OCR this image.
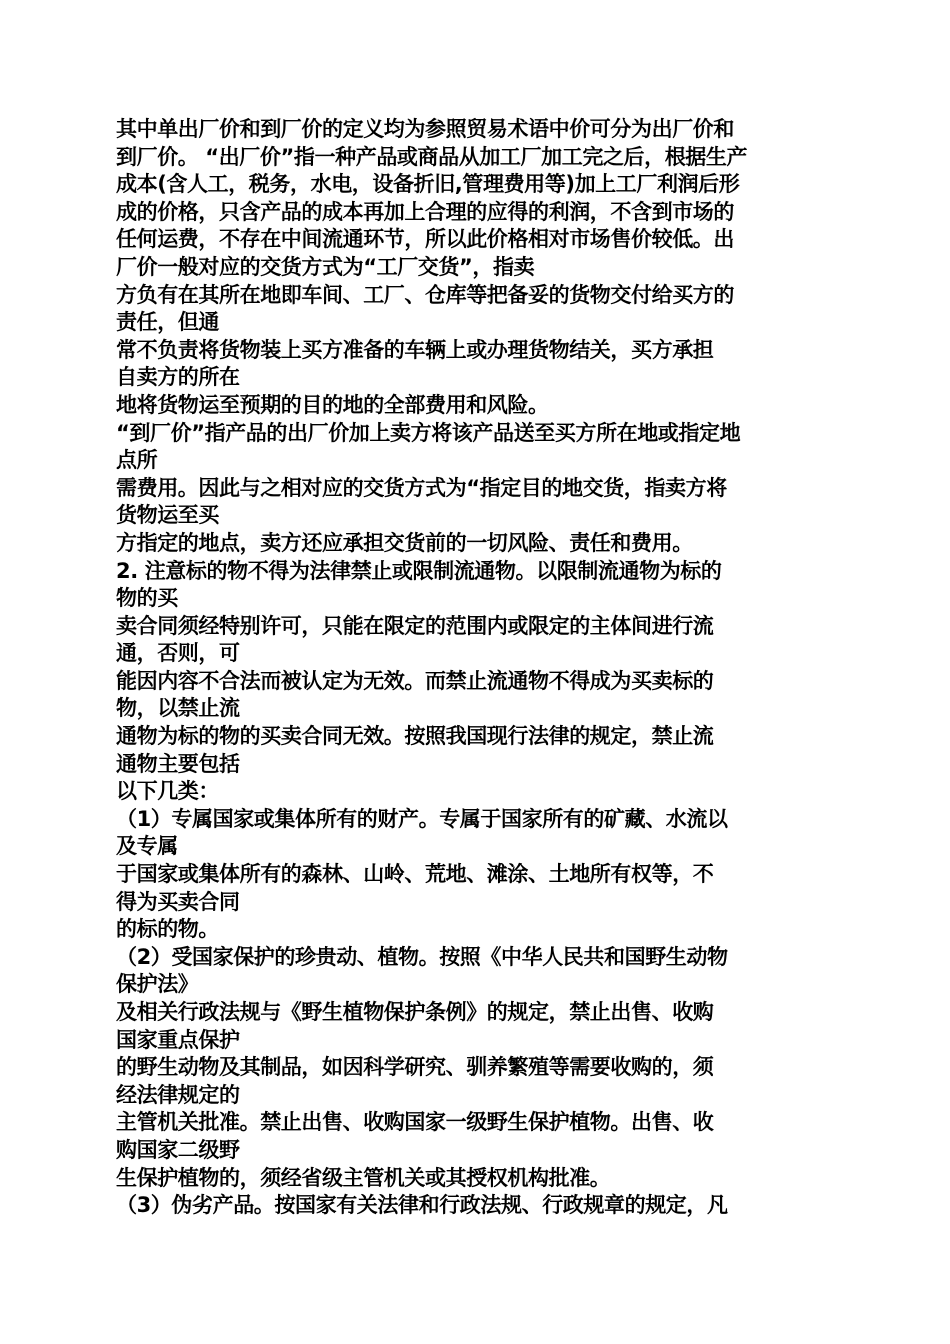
其中单出厂价和到厂价的定义均为参照贸易术语中价可分为出厂价和
到厂价。 “出厂价”指一种产品或商品从加工厂加工完之后，根据生产
成本(含人工，税务，水电，设备折旧,管理费用等)加上工厂利润后形
成的价格，只含产品的成本再加上合理的应得的利润，不含到市场的
任何运费，不存在中间流通环节，所以此价格相对市场售价较低。出
厂价一般对应的交货方式为“工厂交货”，指卖
方负有在其所在地即车间、工厂、仓库等把备妥的货物交付给买方的
责任，但通
常不负责将货物装上买方准备的车辆上或办理货物结关，买方承担
自卖方的所在
地将货物运至预期的目的地的全部费用和风险。
“到厂价”指产品的出厂价加上卖方将该产品送至买方所在地或指定地
点所
需费用。因此与之相对应的交货方式为“指定目的地交货，指卖方将
货物运至买
方指定的地点，卖方还应承担交货前的一切风险、责任和费用。
2. 注意标的物不得为法律禁止或限制流通物。以限制流通物为标的
物的买
卖合同须经特别许可，只能在限定的范围内或限定的主体间进行流
通，否则，可
能因内容不合法而被认定为无效。而禁止流通物不得成为买卖标的
物，以禁止流
通物为标的物的买卖合同无效。按照我国现行法律的规定，禁止流
通物主要包括
以下几类：
（1）专属国家或集体所有的财产。专属于国家所有的矿藏、水流以
及专属
于国家或集体所有的森林、山岭、荒地、滩涂、土地所有权等，不
得为买卖合同
的标的物。
（2）受国家保护的珍贵动、植物。按照《中华人民共和国野生动物
保护法》
及相关行政法规与《野生植物保护条例》的规定，禁止出售、收购
国家重点保护
的野生动物及其制品，如因科学研究、驯养繁殖等需要收购的，须
经法律规定的
主管机关批准。禁止出售、收购国家一级野生保护植物。出售、收
购国家二级野
生保护植物的，须经省级主管机关或其授权机构批准。
（3）伪劣产品。按国家有关法律和行政法规、行政规章的规定，凡
